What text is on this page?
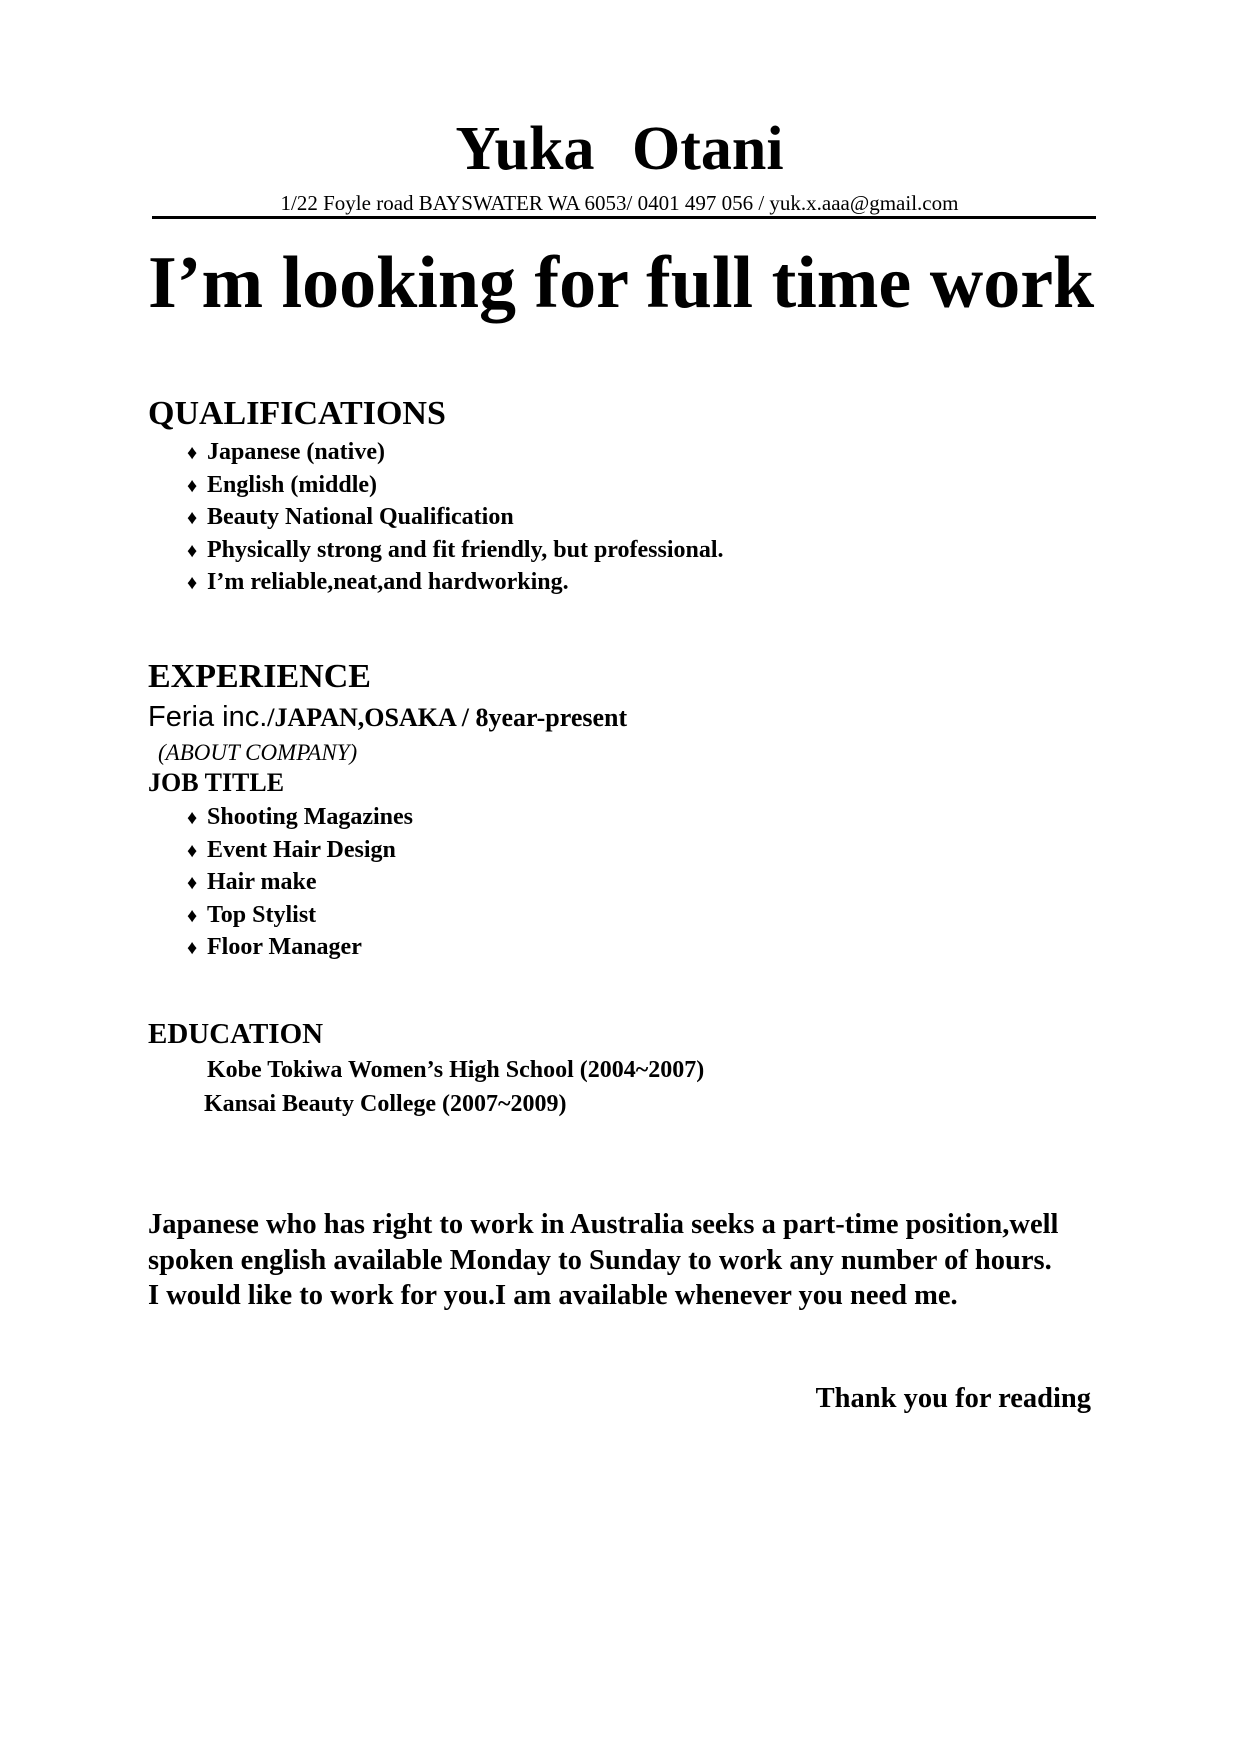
Yuka Otani
1/22 Foyle road BAYSWATER WA 6053/ 0401 497 056 / yuk.x.aaa@gmail.com
I’m looking for full time work
QUALIFICATIONS
♦ Japanese (native)
♦ English (middle)
♦ Beauty National Qualification
♦ Physically strong and fit friendly, but professional.
♦ I’m reliable,neat,and hardworking.
EXPERIENCE
Feria inc./JAPAN,OSAKA / 8year-present
(ABOUT COMPANY)
JOB TITLE
♦ Shooting Magazines
♦ Event Hair Design
♦ Hair make
♦ Top Stylist
♦ Floor Manager
EDUCATION
Kobe Tokiwa Women’s High School (2004~2007)
Kansai Beauty College (2007~2009)

Japanese who has right to work in Australia seeks a part-time position,well spoken english available Monday to Sunday to work any number of hours.

I would like to work for you.I am available whenever you need me.

Thank you for reading
